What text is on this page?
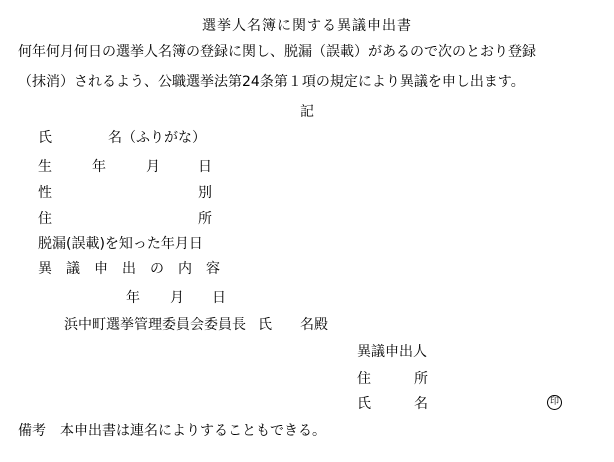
選挙人名簿に関する異議申出書
何年何月何日の選挙人名簿の登録に関し、脱漏（誤載）があるので次のとおり登録
（抹消）されるよう、公職選挙法第24条第１項の規定により異議を申し出ます。
記
氏	名（ふりがな）
生	年	月	日
性	別
住	所
脱漏(誤載)を知った年月日
異　議　申　出　の　内　容
年 月 日
浜中町選挙管理委員会委員長 氏 名殿
異議申出人
住	所
氏	名	印
備考　本申出書は連名によりすることもできる。
